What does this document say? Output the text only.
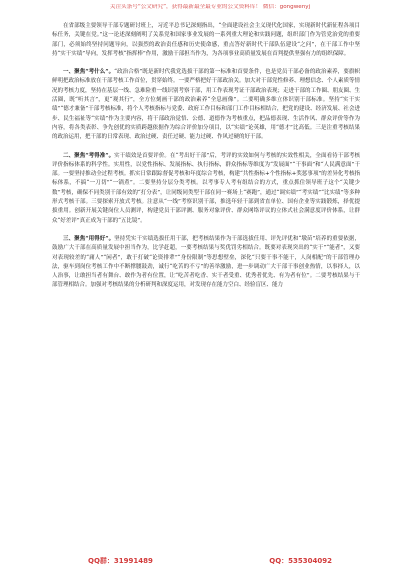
关注头条号“公文研究”，获得最新最全最专业的公文资料库！ 微信：gongwenyj

在省部级主要领导干部专题研讨班上，习近平总书记深刻指出，“全面建设社会主义现代化国家，实现新时代新征程各项目标任务，关键在党。”这一论述深刻阐明了关系党和国家事业发展的一系列重大理论和实践问题，组织部门作为管党治党的重要部门，必须始终坚持问题导向，以强烈的政治责任感和历史使命感，重点答好新时代干部队伍建设“之问”，在干部工作中坚持“实干实绩”导向，发挥考核“指挥棒”作用，激励干部担当作为，为各项事业高质量发展在首判提供坚强有力的组织保障。

一、聚焦“考什么”。“政治合格”既是新时代我党选拔干部的第一标准和首要条件，也是党员干部必备的政治素养，要旗帜鲜明把政治标准放在干部考核工作首位，贯穿始终。一要严格把好干部政治关。加大对干部党性修养、理想信念、个人素质等情况的考核力度，坚持在基层一线、急难险重一线识别考察干部，用工作表现考证干部政治表现；走进干部的工作圈、朋友圈、生活圈，既“听其言”，更“观其行”，全方位刻画干部的政治素养“全息画像”。二要明确多维立体识别干部标准。坚持“实干实绩”“德才兼备”干部考核标准，将个人考核指标与党委、政府工作目标和部门工作目标相结合，把党的建设、经济发展、社会进步、民生福祉等“实绩”作为主要内容，将干部政治觉悟、公德、道德作为考核重点，把品德表现、生活作风、群众评价等作为内容，将各类表彰、争先创优的实质跨越依据作为综合评价加分项目，以“实绩”论英雄，用“德才”比高低。三是注重考核结果的政治运用，把干部的日常表现、政治过硬、责任过硬、能力过硬、作风过硬的好干部。

二、聚焦“考得准”。实干绩效是首要评价。在“考出好干部”后，考评的实效如何与考核的实效性相关，全面看待干部考核评价指标体系的科学性。实用性，以党性指标、发展指标、执行指标，群众指标等维度为“发展面”“干事面”和“人民满意面”干部。一要坚持推动全过程考核。抓实日常跟踪督促考核和年度综合考核，构建“共性指标+个性指标+奖惩事项”的差异化考核指标体系，不搞“一刀切”“一锅煮”。二要坚持分层分类考核。以考事专人考有组结合的方式，重点抓住领导班子这个“关键少数”考核，确保不同类别干部有效的“打分表”，让同级同类型干部在同一赛场上“赛跑”，通过“调实绩”“考实绩”“比实绩”等多种形式考核干部。三要探索开放式考核。注意从“一线”考察识别干部，推选年轻干部到省直单位、国有企业等实践锻炼，择优提拔重用。创新开展关键岗位人员测评，构建党员干部评测、服务对象评价、群众网络评议的立体式社会满意度评价体系，让群众“好差评”真正成为干部的“五比镜”。

三、聚焦“用得好”。坚持凭实干实绩选拔任用干部，把考核结果作为干部选拔任用、评先评优和“墩苗”培养的重要依据，鼓励广大干部在高质量发展中担当作为，比学赶超，一要考核结果与奖优罚劣相结合。既要对表现突出的“实干”“能者”，又要对表现较差的“庸人”“闲者”，敢于打破“论资排辈”“身份限制”等思想壁垒，深化“只要干事不能干，人岗相配”的干部管理办法，驱车到岗位考核工作中不断撑腰鼓劲，诚行“吃苦的不亏”的善举激励，进一步调动广大干部干事创业热情，以事择人，以人治事，让敢担当者有舞台、敢作为者有位置，让“吃苦者吃香、实干者受重、优秀者优先、有为者有位”。二要考核结果与干部管理相结合。加强对考核结果的分析研判和深度运用，对发现存在能力空白、经验盲区、能力

QQ群：31991489	QQ：535304092
